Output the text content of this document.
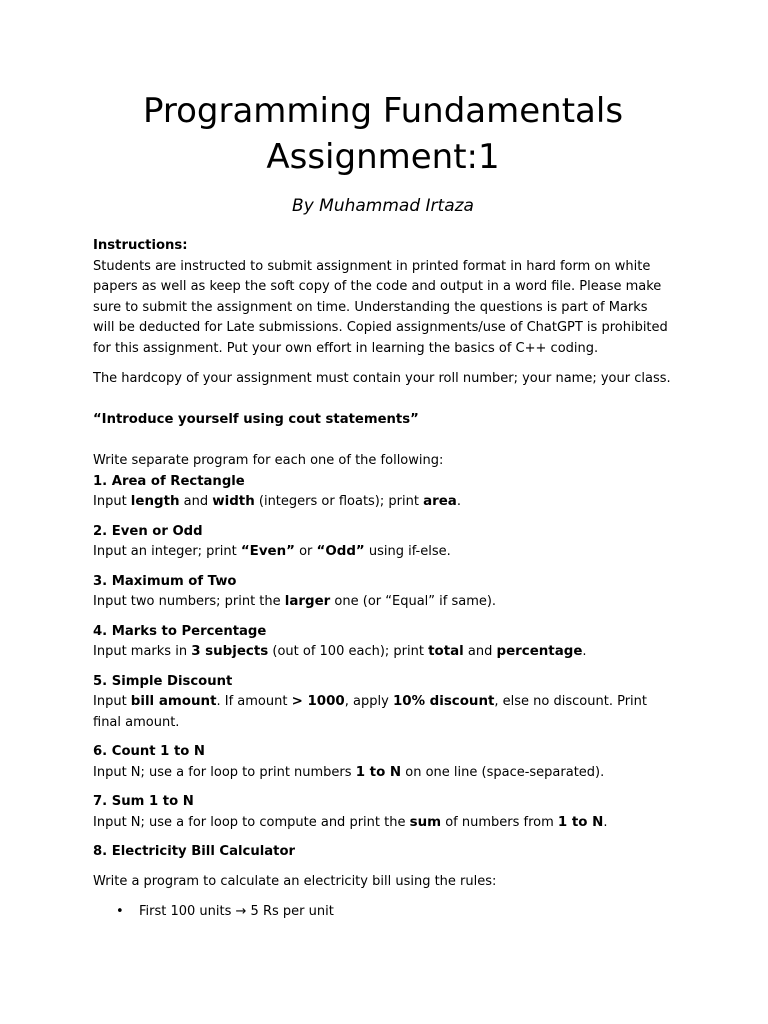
Programming Fundamentals
Assignment:1
By Muhammad Irtaza
Instructions:
Students are instructed to submit assignment in printed format in hard form on white papers as well as keep the soft copy of the code and output in a word file. Please make sure to submit the assignment on time. Understanding the questions is part of Marks will be deducted for Late submissions. Copied assignments/use of ChatGPT is prohibited for this assignment. Put your own effort in learning the basics of C++ coding.
The hardcopy of your assignment must contain your roll number; your name; your class.
“Introduce yourself using cout statements”
Write separate program for each one of the following:
1. Area of Rectangle
Input length and width (integers or floats); print area.
2. Even or Odd
Input an integer; print “Even” or “Odd” using if-else.
3. Maximum of Two
Input two numbers; print the larger one (or “Equal” if same).
4. Marks to Percentage
Input marks in 3 subjects (out of 100 each); print total and percentage.
5. Simple Discount
Input bill amount. If amount > 1000, apply 10% discount, else no discount. Print final amount.
6. Count 1 to N
Input N; use a for loop to print numbers 1 to N on one line (space-separated).
7. Sum 1 to N
Input N; use a for loop to compute and print the sum of numbers from 1 to N.
8. Electricity Bill Calculator
Write a program to calculate an electricity bill using the rules:
• First 100 units → 5 Rs per unit
